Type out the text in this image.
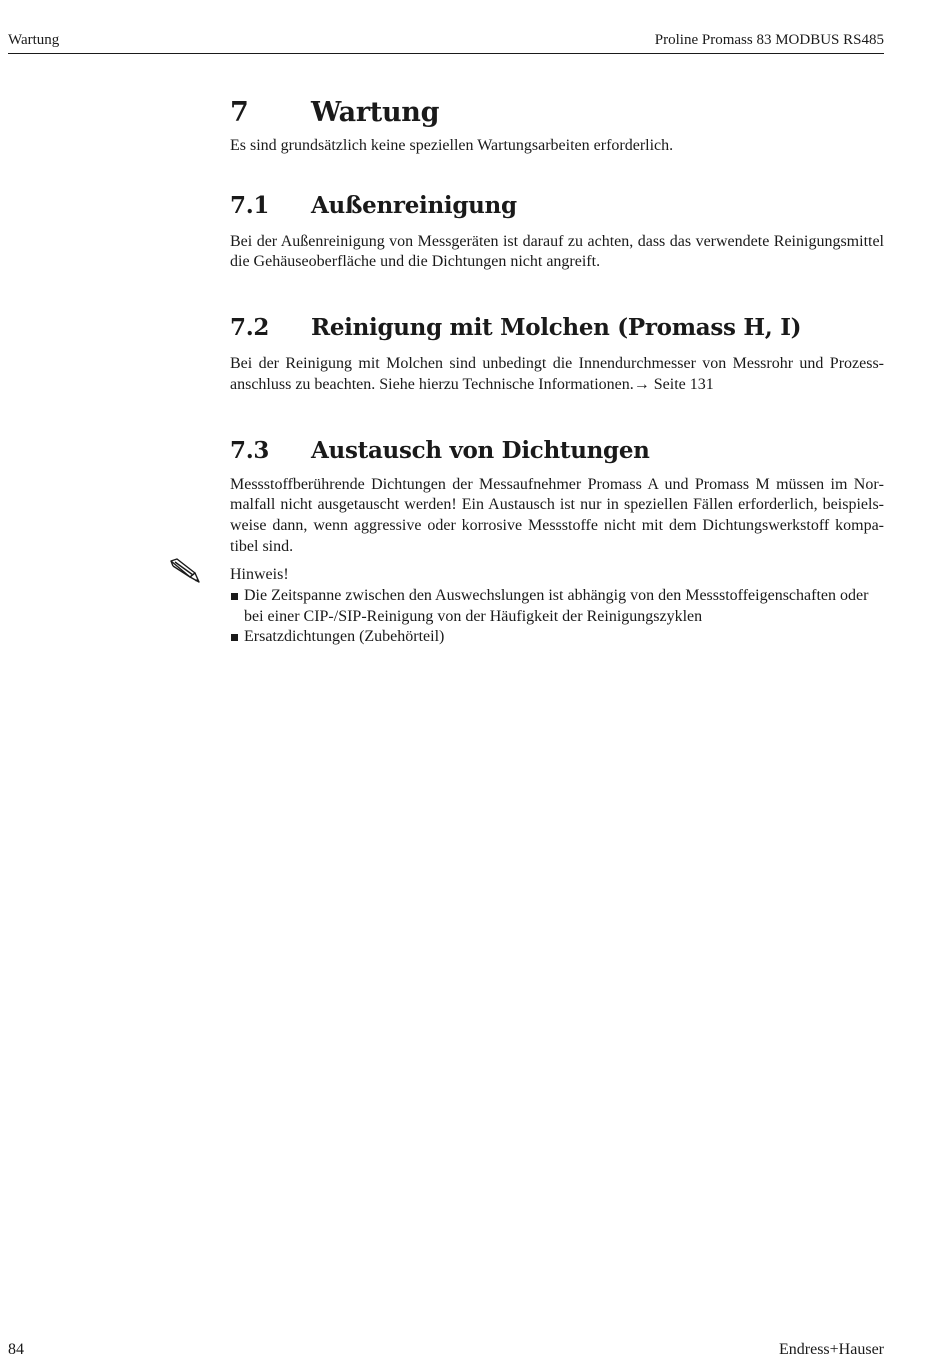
Wartung	Proline Promass 83 MODBUS RS485
7	Wartung

Es sind grundsätzlich keine speziellen Wartungsarbeiten erforderlich.

7.1	Außenreinigung

Bei der Außenreinigung von Messgeräten ist darauf zu achten, dass das verwendete Reinigungsmittel die Gehäuseoberfläche und die Dichtungen nicht angreift.

7.2	Reinigung mit Molchen (Promass H, I)

Bei der Reinigung mit Molchen sind unbedingt die Innendurchmesser von Messrohr und Prozessanschluss zu beachten. Siehe hierzu Technische Informationen.→ Seite 131

7.3	Austausch von Dichtungen

Messstoffberührende Dichtungen der Messaufnehmer Promass A und Promass M müssen im Normalfall nicht ausgetauscht werden! Ein Austausch ist nur in speziellen Fällen erforderlich, beispielsweise dann, wenn aggressive oder korrosive Messstoffe nicht mit dem Dichtungswerkstoff kompatibel sind.

Hinweis!
Die Zeitspanne zwischen den Auswechslungen ist abhängig von den Messstoffeigenschaften oder bei einer CIP-/SIP-Reinigung von der Häufigkeit der Reinigungszyklen
Ersatzdichtungen (Zubehörteil)
84	Endress+Hauser
